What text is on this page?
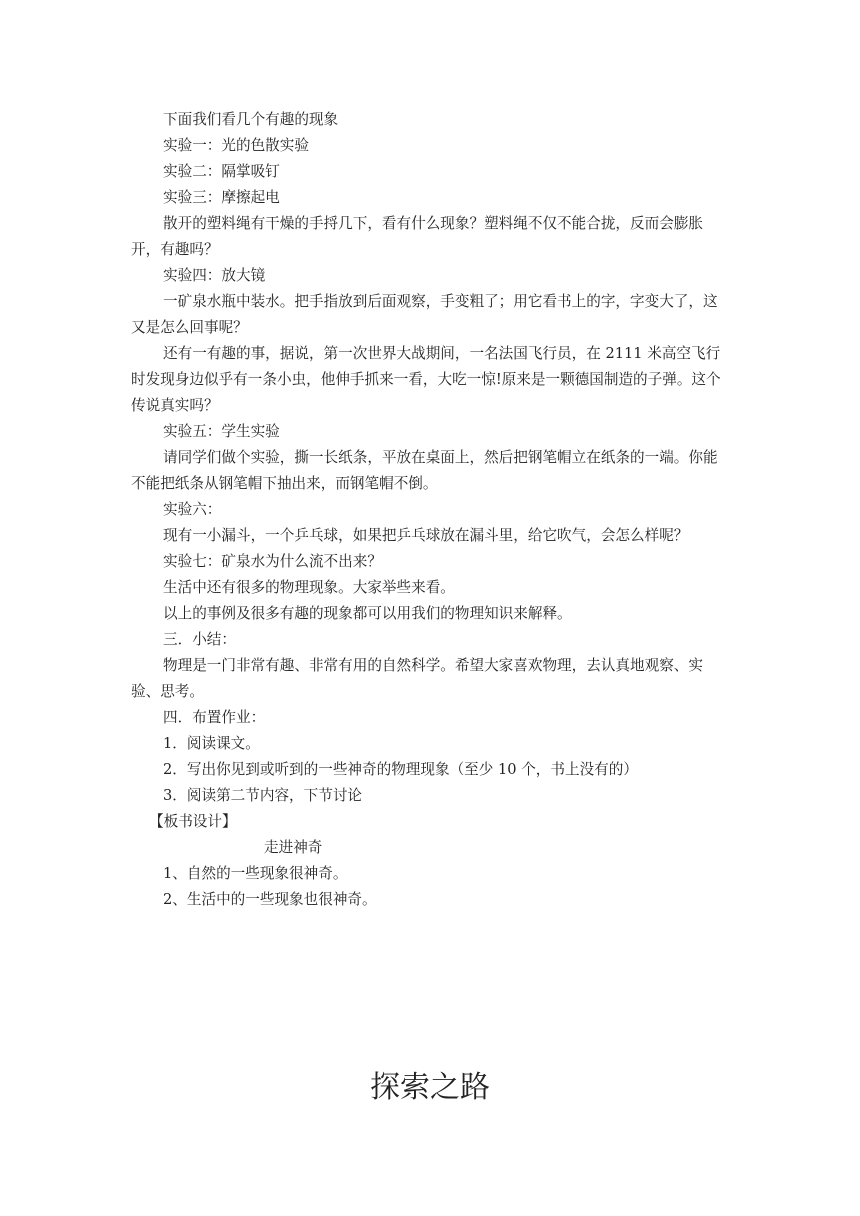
下面我们看几个有趣的现象

实验一：光的色散实验

实验二：隔掌吸钉

实验三：摩擦起电

散开的塑料绳有干燥的手捋几下，看有什么现象？塑料绳不仅不能合拢，反而会膨胀开，有趣吗？

实验四：放大镜

一矿泉水瓶中装水。把手指放到后面观察，手变粗了；用它看书上的字，字变大了，这又是怎么回事呢？

还有一有趣的事，据说，第一次世界大战期间，一名法国飞行员，在 2111 米高空飞行时发现身边似乎有一条小虫，他伸手抓来一看，大吃一惊!原来是一颗德国制造的子弹。这个传说真实吗？

实验五：学生实验

请同学们做个实验，撕一长纸条，平放在桌面上，然后把钢笔帽立在纸条的一端。你能不能把纸条从钢笔帽下抽出来，而钢笔帽不倒。

实验六：

现有一小漏斗，一个乒乓球，如果把乒乓球放在漏斗里，给它吹气，会怎么样呢？

实验七：矿泉水为什么流不出来？

生活中还有很多的物理现象。大家举些来看。

以上的事例及很多有趣的现象都可以用我们的物理知识来解释。

三．小结：

物理是一门非常有趣、非常有用的自然科学。希望大家喜欢物理，去认真地观察、实验、思考。

四．布置作业：

1．阅读课文。

2．写出你见到或听到的一些神奇的物理现象（至少 10 个，书上没有的）

3．阅读第二节内容，下节讨论

【板书设计】

走进神奇

1、自然的一些现象很神奇。

2、生活中的一些现象也很神奇。

探索之路
